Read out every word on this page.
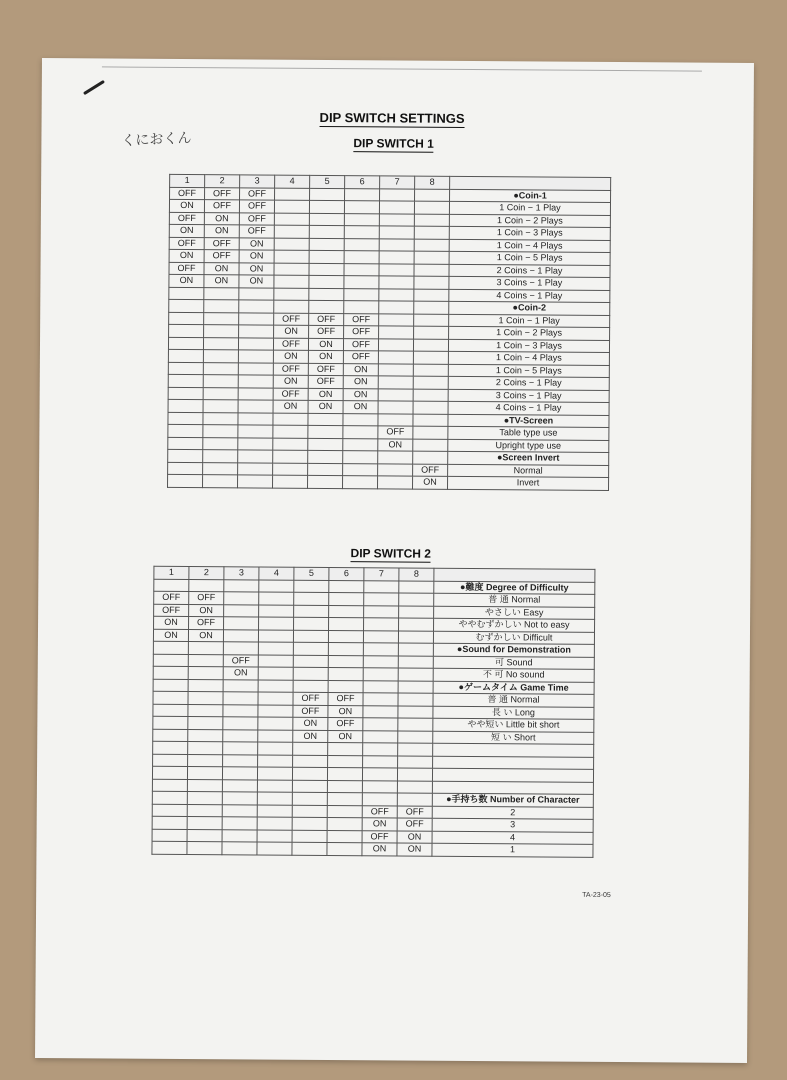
くにおくん
DIP SWITCH SETTINGS
DIP SWITCH 1
1	2	3	4	5	6	7	8	
OFF	OFF	OFF						●Coin-1
ON	OFF	OFF						1 Coin − 1 Play
OFF	ON	OFF						1 Coin − 2 Plays
ON	ON	OFF						1 Coin − 3 Plays
OFF	OFF	ON						1 Coin − 4 Plays
ON	OFF	ON						1 Coin − 5 Plays
OFF	ON	ON						2 Coins − 1 Play
ON	ON	ON						3 Coins − 1 Play
								4 Coins − 1 Play
								●Coin-2
			OFF	OFF	OFF			1 Coin − 1 Play
			ON	OFF	OFF			1 Coin − 2 Plays
			OFF	ON	OFF			1 Coin − 3 Plays
			ON	ON	OFF			1 Coin − 4 Plays
			OFF	OFF	ON			1 Coin − 5 Plays
			ON	OFF	ON			2 Coins − 1 Play
			OFF	ON	ON			3 Coins − 1 Play
			ON	ON	ON			4 Coins − 1 Play
								●TV-Screen
						OFF		Table type use
						ON		Upright type use
								●Screen Invert
							OFF	Normal
							ON	Invert
DIP SWITCH 2
1	2	3	4	5	6	7	8	
								●難度 Degree of Difficulty
OFF	OFF							普 通 Normal
OFF	ON							やさしい Easy
ON	OFF							ややむずかしい Not to easy
ON	ON							むずかしい Difficult
								●Sound for Demonstration
		OFF						可 Sound
		ON						不 可 No sound
								●ゲームタイム Game Time
				OFF	OFF			普 通 Normal
				OFF	ON			長 い Long
				ON	OFF			やや短い Little bit short
				ON	ON			短 い Short

								●手持ち数 Number of Character
						OFF	OFF	2
						ON	OFF	3
						OFF	ON	4
						ON	ON	1
TA-23-05
